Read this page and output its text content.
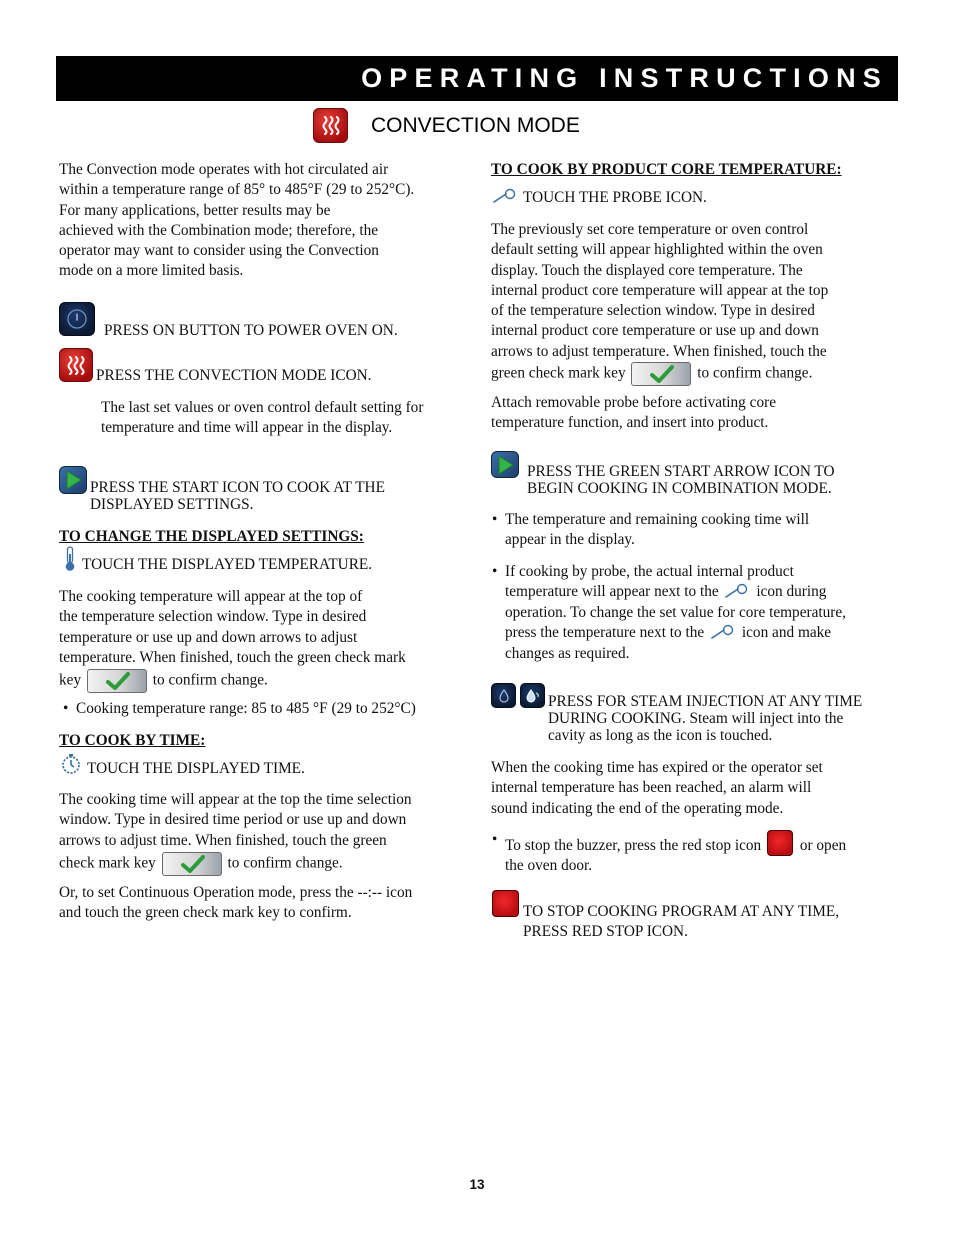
OPERATING INSTRUCTIONS
CONVECTION MODE
The Convection mode operates with hot circulated air
within a temperature range of 85° to 485°F (29 to 252°C).
For many applications, better results may be
achieved with the Combination mode; therefore, the
operator may want to consider using the Convection
mode on a more limited basis.

PRESS ON BUTTON TO POWER OVEN ON.

PRESS THE CONVECTION MODE ICON.

The last set values or oven control default setting for
temperature and time will appear in the display.
PRESS THE START ICON TO COOK AT THE
DISPLAYED SETTINGS.

TO CHANGE THE DISPLAYED SETTINGS:

TOUCH THE DISPLAYED TEMPERATURE.

The cooking temperature will appear at the top of
the temperature selection window. Type in desired
temperature or use up and down arrows to adjust
temperature. When finished, touch the green check mark
key	to confirm change.
• Cooking temperature range: 85 to 485 °F (29 to 252°C)

TO COOK BY TIME:

TOUCH THE DISPLAYED TIME.

The cooking time will appear at the top the time selection
window. Type in desired time period or use up and down
arrows to adjust time. When finished, touch the green
check mark key	to confirm change.
Or, to set Continuous Operation mode, press the --:-- icon
and touch the green check mark key to confirm.

TO COOK BY PRODUCT CORE TEMPERATURE:

TOUCH THE PROBE ICON.

The previously set core temperature or oven control
default setting will appear highlighted within the oven
display. Touch the displayed core temperature. The
internal product core temperature will appear at the top
of the temperature selection window. Type in desired
internal product core temperature or use up and down
arrows to adjust temperature. When finished, touch the
green check mark key	to confirm change.
Attach removable probe before activating core
temperature function, and insert into product.
PRESS THE GREEN START ARROW ICON TO
BEGIN COOKING IN COMBINATION MODE.
• The temperature and remaining cooking time will
appear in the display.
• If cooking by probe, the actual internal product
temperature will appear next to the icon during
operation. To change the set value for core temperature,
press the temperature next to the icon and make
changes as required.
PRESS FOR STEAM INJECTION AT ANY TIME
DURING COOKING. Steam will inject into the
cavity as long as the icon is touched.
When the cooking time has expired or the operator set
internal temperature has been reached, an alarm will
sound indicating the end of the operating mode.
• To stop the buzzer, press the red stop icon	or open
the oven door.
TO STOP COOKING PROGRAM AT ANY TIME,
PRESS RED STOP ICON.
13
